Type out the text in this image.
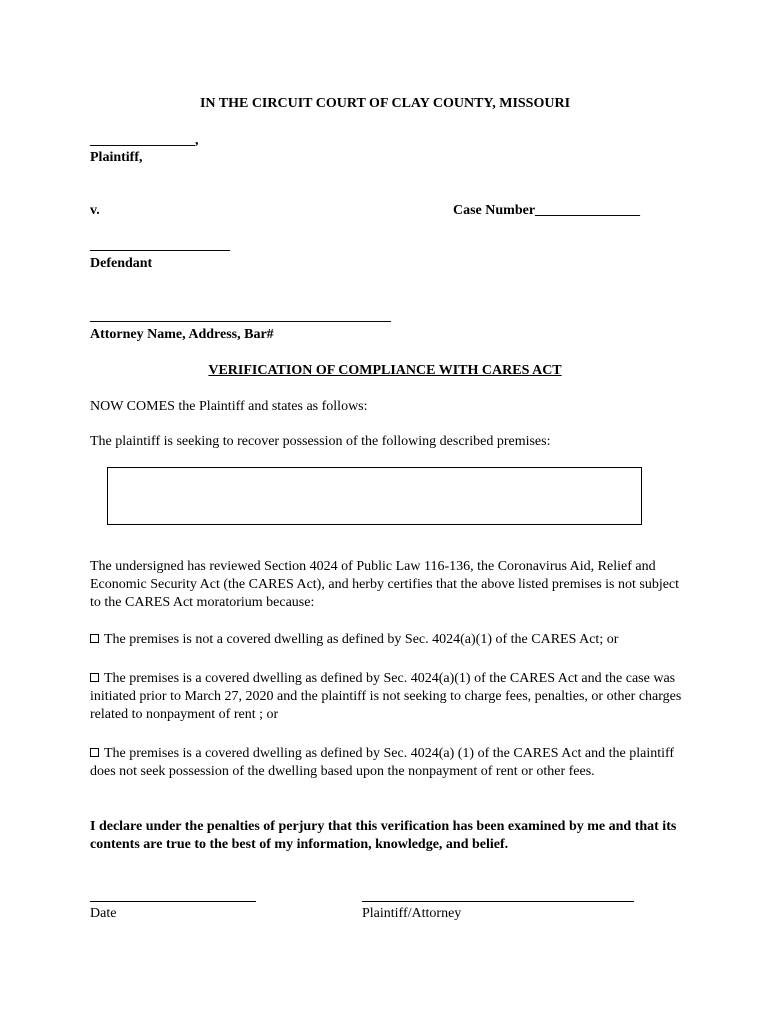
IN THE CIRCUIT COURT OF CLAY COUNTY, MISSOURI
_______________,
Plaintiff,
v.	Case Number_______________
____________________
Defendant
___________________________________________
Attorney Name, Address, Bar#
VERIFICATION OF COMPLIANCE WITH CARES ACT
NOW COMES the Plaintiff and states as follows:
The plaintiff is seeking to recover possession of the following described premises:
The undersigned has reviewed Section 4024 of Public Law 116-136, the Coronavirus Aid, Relief and Economic Security Act (the CARES Act), and herby certifies that the above listed premises is not subject to the CARES Act moratorium because:
The premises is not a covered dwelling as defined by Sec. 4024(a)(1) of the CARES Act; or
The premises is a covered dwelling as defined by Sec. 4024(a)(1) of the CARES Act and the case was initiated prior to March 27, 2020 and the plaintiff is not seeking to charge fees, penalties, or other charges related to nonpayment of rent ; or
The premises is a covered dwelling as defined by Sec. 4024(a) (1) of the CARES Act and the plaintiff does not seek possession of the dwelling based upon the nonpayment of rent or other fees.
I declare under the penalties of perjury that this verification has been examined by me and that its contents are true to the best of my information, knowledge, and belief.
Date	Plaintiff/Attorney
